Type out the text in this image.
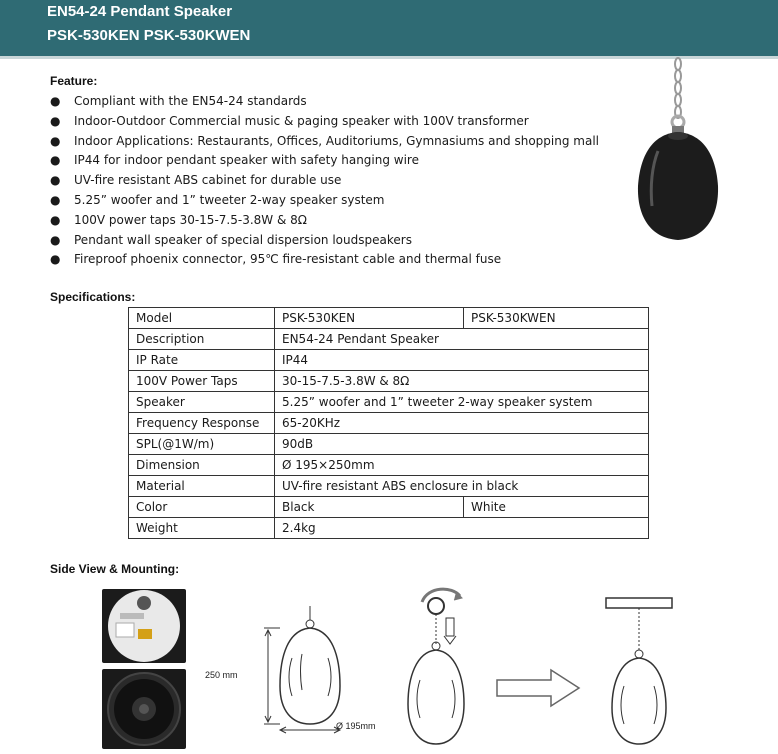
EN54-24 Pendant Speaker
PSK-530KEN PSK-530KWEN
Feature:
● Compliant with the EN54-24 standards
● Indoor-Outdoor Commercial music & paging speaker with 100V transformer
● Indoor Applications: Restaurants, Offices, Auditoriums, Gymnasiums and shopping mall
● IP44 for indoor pendant speaker with safety hanging wire
● UV-fire resistant ABS cabinet for durable use
● 5.25” woofer and 1” tweeter 2-way speaker system
● 100V power taps 30-15-7.5-3.8W & 8Ω
● Pendant wall speaker of special dispersion loudspeakers
● Fireproof phoenix connector, 95℃ fire-resistant cable and thermal fuse
Specifications:
Model	PSK-530KEN	PSK-530KWEN
Description	EN54-24 Pendant Speaker	
IP Rate	IP44	
100V Power Taps	30-15-7.5-3.8W & 8Ω	
Speaker	5.25” woofer and 1” tweeter 2-way speaker system	
Frequency Response	65-20KHz	
SPL(@1W/m)	90dB	
Dimension	Ø 195×250mm	
Material	UV-fire resistant ABS enclosure in black	
Color	Black	White
Weight	2.4kg	
Side View & Mounting:
250 mm
Ø 195mm
